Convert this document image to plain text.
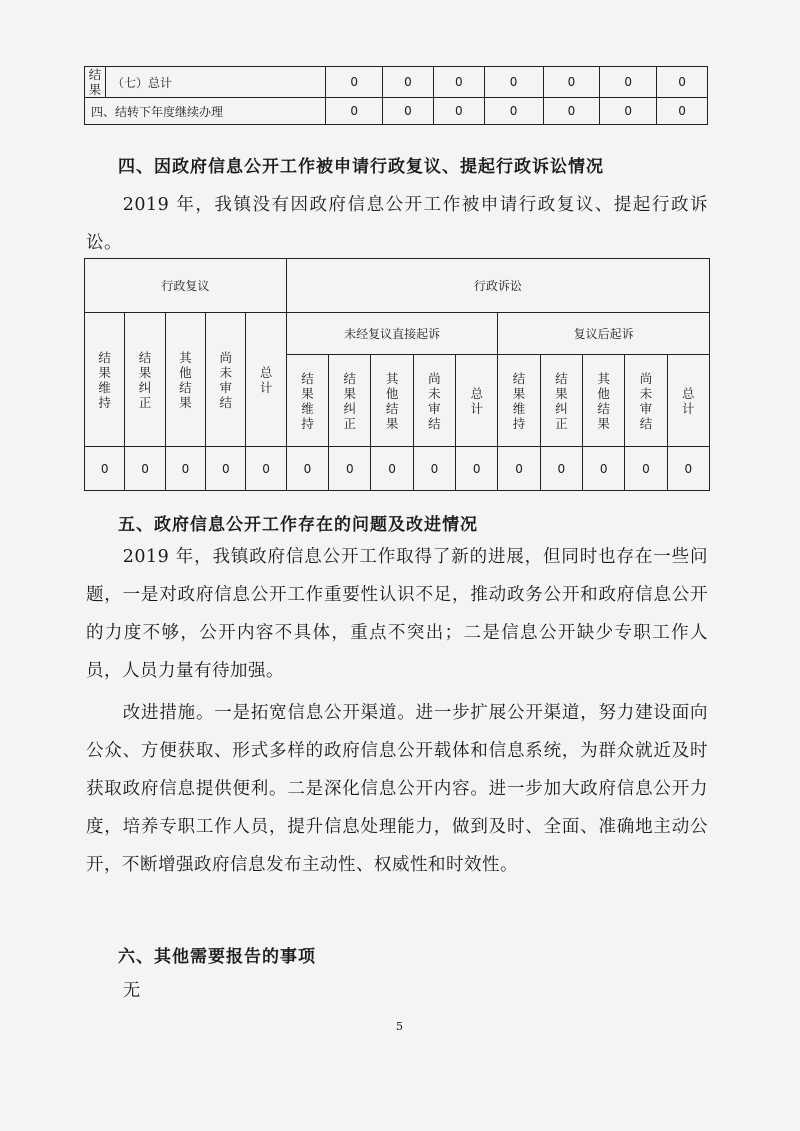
结果	（七）总计	0	0	0	0	0	0	0
四、结转下年度继续办理		0	0	0	0	0	0	0
四、因政府信息公开工作被申请行政复议、提起行政诉讼情况

2019 年，我镇没有因政府信息公开工作被申请行政复议、提起行政诉讼。

行政复议					行政诉讼									
结果维持	结果纠正	其他结果	尚未审结	总计	未经复议直接起诉					复议后起诉				
					结果维持	结果纠正	其他结果	尚未审结	总计	结果维持	结果纠正	其他结果	尚未审结	总计
0	0	0	0	0	0	0	0	0	0	0	0	0	0	0
五、政府信息公开工作存在的问题及改进情况

2019 年，我镇政府信息公开工作取得了新的进展，但同时也存在一些问题，一是对政府信息公开工作重要性认识不足，推动政务公开和政府信息公开的力度不够，公开内容不具体，重点不突出；二是信息公开缺少专职工作人员，人员力量有待加强。

改进措施。一是拓宽信息公开渠道。进一步扩展公开渠道，努力建设面向公众、方便获取、形式多样的政府信息公开载体和信息系统，为群众就近及时获取政府信息提供便利。二是深化信息公开内容。进一步加大政府信息公开力度，培养专职工作人员，提升信息处理能力，做到及时、全面、准确地主动公开，不断增强政府信息发布主动性、权威性和时效性。

六、其他需要报告的事项

无

5
